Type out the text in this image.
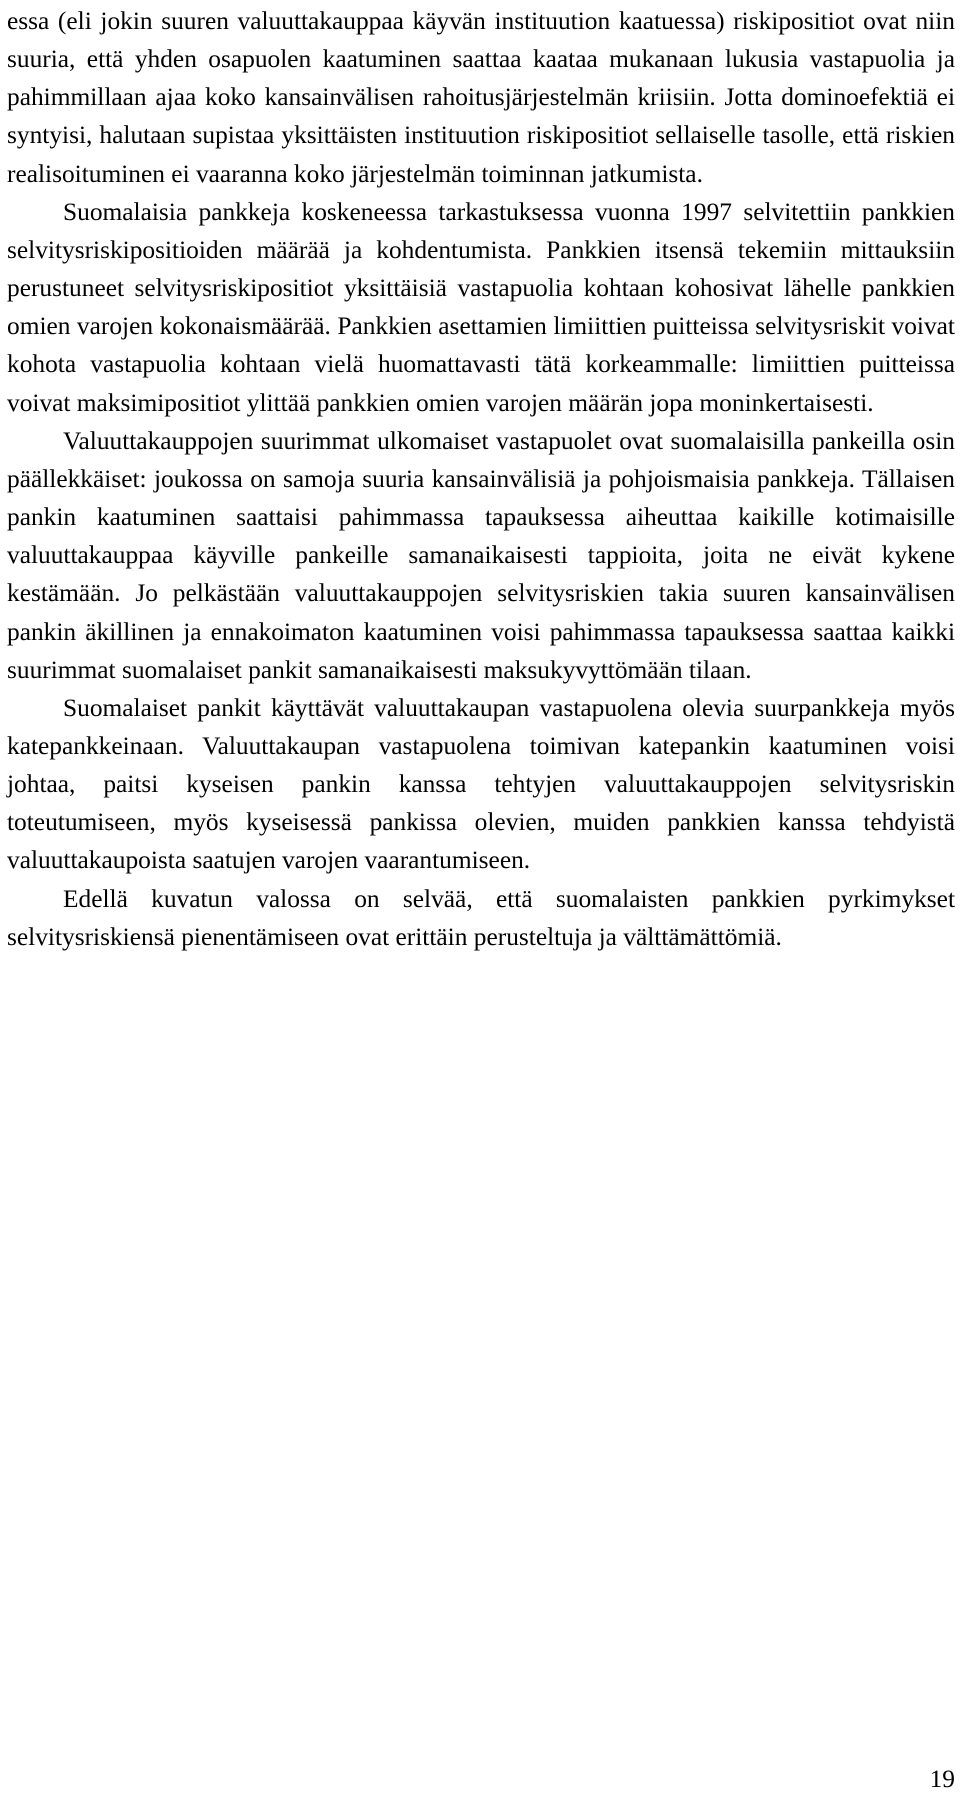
essa (eli jokin suuren valuuttakauppaa käyvän instituution kaatuessa) riskipositiot ovat niin suuria, että yhden osapuolen kaatuminen saattaa kaataa mukanaan lukusia vastapuolia ja pahimmillaan ajaa koko kansainvälisen rahoitusjärjestelmän kriisiin. Jotta dominoefektiä ei syntyisi, halutaan supistaa yksittäisten instituution riskipositiot sellaiselle tasolle, että riskien realisoituminen ei vaaranna koko järjestelmän toiminnan jatkumista.

Suomalaisia pankkeja koskeneessa tarkastuksessa vuonna 1997 selvitettiin pankkien selvitysriskipositioiden määrää ja kohdentumista. Pankkien itsensä tekemiin mittauksiin perustuneet selvitysriskipositiot yksittäisiä vastapuolia kohtaan kohosivat lähelle pankkien omien varojen kokonaismäärää. Pankkien asettamien limiittien puitteissa selvitysriskit voivat kohota vastapuolia kohtaan vielä huomattavasti tätä korkeammalle: limiittien puitteissa voivat maksimipositiot ylittää pankkien omien varojen määrän jopa moninkertaisesti.

Valuuttakauppojen suurimmat ulkomaiset vastapuolet ovat suomalaisilla pankeilla osin päällekkäiset: joukossa on samoja suuria kansainvälisiä ja pohjoismaisia pankkeja. Tällaisen pankin kaatuminen saattaisi pahimmassa tapauksessa aiheuttaa kaikille kotimaisille valuuttakauppaa käyville pankeille samanaikaisesti tappioita, joita ne eivät kykene kestämään. Jo pelkästään valuuttakauppojen selvitysriskien takia suuren kansainvälisen pankin äkillinen ja ennakoimaton kaatuminen voisi pahimmassa tapauksessa saattaa kaikki suurimmat suomalaiset pankit samanaikaisesti maksukyvyttömään tilaan.

Suomalaiset pankit käyttävät valuuttakaupan vastapuolena olevia suurpankkeja myös katepankkeinaan. Valuuttakaupan vastapuolena toimivan katepankin kaatuminen voisi johtaa, paitsi kyseisen pankin kanssa tehtyjen valuuttakauppojen selvitysriskin toteutumiseen, myös kyseisessä pankissa olevien, muiden pankkien kanssa tehdyistä valuuttakaupoista saatujen varojen vaarantumiseen.

Edellä kuvatun valossa on selvää, että suomalaisten pankkien pyrkimykset selvitysriskiensä pienentämiseen ovat erittäin perusteltuja ja välttämättömiä.

19
